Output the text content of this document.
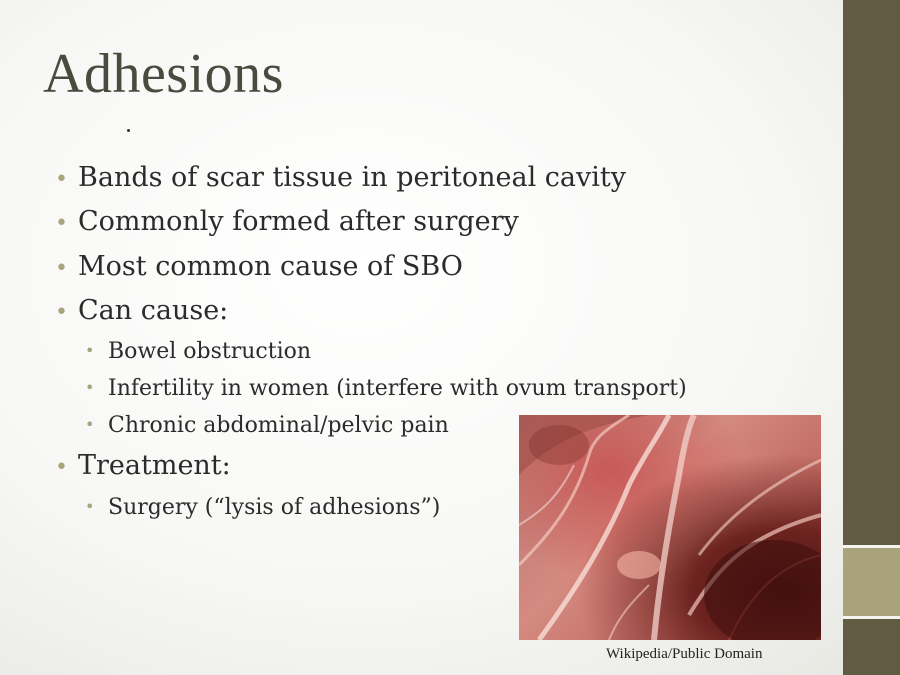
Adhesions
• Bands of scar tissue in peritoneal cavity
• Commonly formed after surgery
• Most common cause of SBO
• Can cause:
• Bowel obstruction
• Infertility in women (interfere with ovum transport)
• Chronic abdominal/pelvic pain
• Treatment:
• Surgery (“lysis of adhesions”)
Wikipedia/Public Domain
